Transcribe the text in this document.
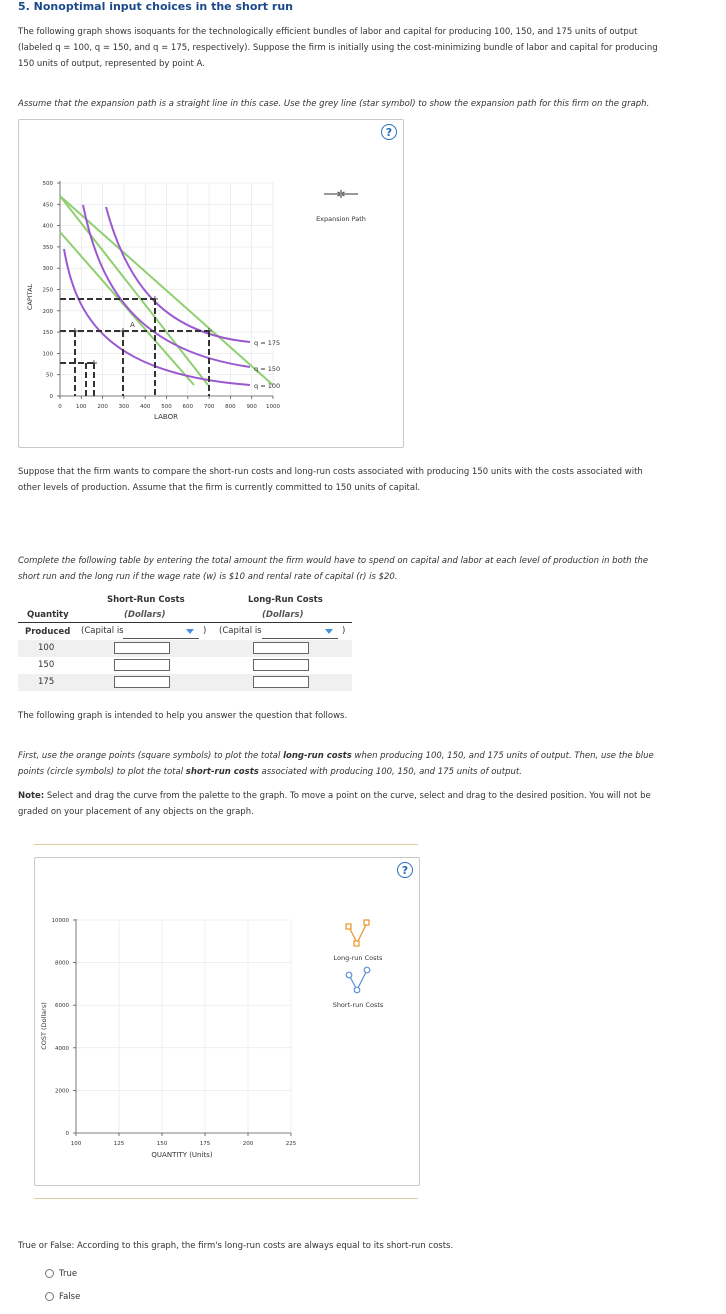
5. Nonoptimal input choices in the short run
The following graph shows isoquants for the technologically efficient bundles of labor and capital for producing 100, 150, and 175 units of output
(labeled q = 100, q = 150, and q = 175, respectively). Suppose the firm is initially using the cost-minimizing bundle of labor and capital for producing
150 units of output, represented by point A.
Assume that the expansion path is a straight line in this case. Use the grey line (star symbol) to show the expansion path for this firm on the graph.
?
500
450
400
350
300
250
200
150
100
50
0
0	100 200 300 400 500 600 700 800 900 1000
+
+
+
+
+
A
q = 175
q = 150
q = 100
CAPITAL
LABOR
✲
Expansion Path
Suppose that the firm wants to compare the short-run costs and long-run costs associated with producing 150 units with the costs associated with
other levels of production. Assume that the firm is currently committed to 150 units of capital.
Complete the following table by entering the total amount the firm would have to spend on capital and labor at each level of production in both the
short run and the long run if the wage rate (w) is $10 and rental rate of capital (r) is $20.
Short-Run Costs	Long-Run Costs
Quantity	(Dollars)	(Dollars)
Produced (Capital is	) (Capital is	)
100
150
175
The following graph is intended to help you answer the question that follows.
First, use the orange points (square symbols) to plot the total long-run costs when producing 100, 150, and 175 units of output. Then, use the blue
points (circle symbols) to plot the total short-run costs associated with producing 100, 150, and 175 units of output.
Note: Select and drag the curve from the palette to the graph. To move a point on the curve, select and drag to the desired position. You will not be
graded on your placement of any objects on the graph.
?
10000
8000
6000
4000
2000
0
100	125	150	175	200	225
COST (Dollars)
QUANTITY (Units)
Long-run Costs
Short-run Costs
True or False: According to this graph, the firm's long-run costs are always equal to its short-run costs.
True
False
